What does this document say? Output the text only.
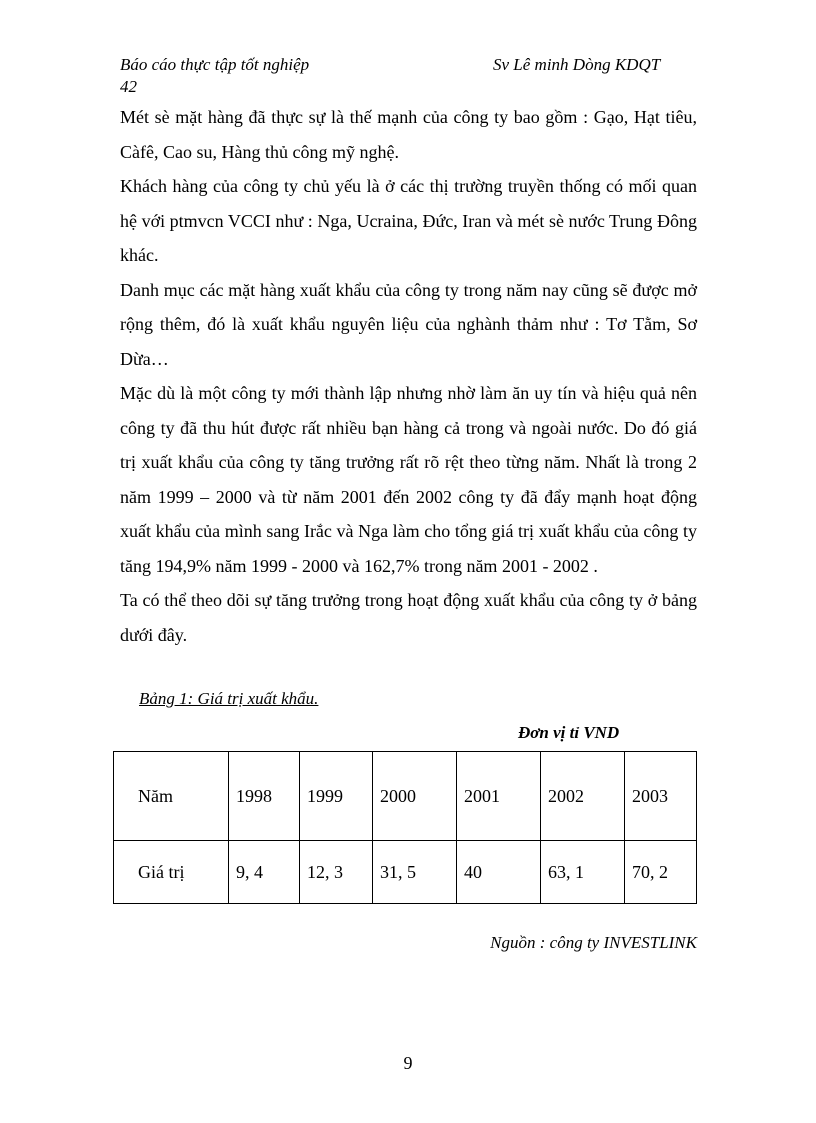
Báo cáo thực tập tốt nghiệp	Sv Lê minh Dòng KDQT
42

Mét sè mặt hàng đã thực sự là thế mạnh của công ty bao gồm : Gạo, Hạt tiêu, Càfê, Cao su, Hàng thủ công mỹ nghệ.

Khách hàng của công ty chủ yếu là ở các thị trường truyền thống có mối quan hệ với ptmvcn VCCI như : Nga, Ucraina, Đức, Iran và mét sè nước Trung Đông khác.

Danh mục các mặt hàng xuất khẩu của công ty trong năm nay cũng sẽ được mở rộng thêm, đó là xuất khẩu nguyên liệu của nghành thảm như : Tơ Tằm, Sơ Dừa…

Mặc dù là một công ty mới thành lập nhưng nhờ làm ăn uy tín và hiệu quả nên công ty đã thu hút được rất nhiều bạn hàng cả trong và ngoài nước. Do đó giá trị xuất khẩu của công ty tăng trưởng rất rõ rệt theo từng năm. Nhất là trong 2 năm 1999 – 2000 và từ năm 2001 đến 2002 công ty đã đẩy mạnh hoạt động xuất khẩu của mình sang Irắc và Nga làm cho tổng giá trị xuất khẩu của công ty tăng 194,9% năm 1999 - 2000 và 162,7% trong năm 2001 - 2002 .

Ta có thể theo dõi sự tăng trưởng trong hoạt động xuất khẩu của công ty ở bảng dưới đây.

Bảng 1: Giá trị xuất khẩu.
Đơn vị tỉ VND
Năm	1998	1999	2000	2001	2002	2003
Giá trị	9, 4	12, 3	31, 5	40	63, 1	70, 2
Nguồn : công ty INVESTLINK
9
